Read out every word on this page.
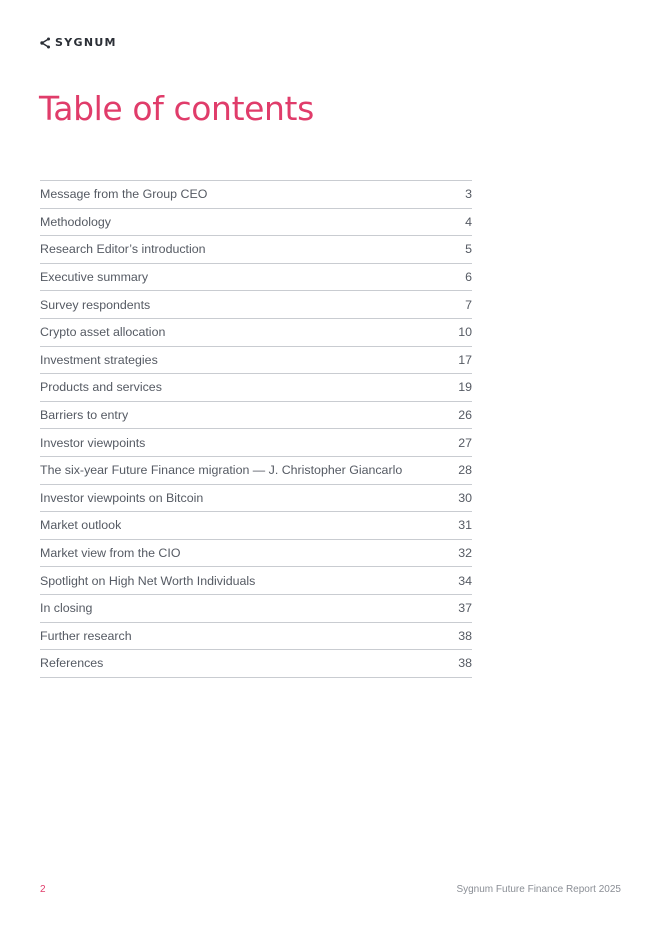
SYGNUM
Table of contents
Message from the Group CEO	3
Methodology	4
Research Editor’s introduction	5
Executive summary	6
Survey respondents	7
Crypto asset allocation	10
Investment strategies	17
Products and services	19
Barriers to entry	26
Investor viewpoints	27
The six-year Future Finance migration — J. Christopher Giancarlo	28
Investor viewpoints on Bitcoin	30
Market outlook	31
Market view from the CIO	32
Spotlight on High Net Worth Individuals	34
In closing	37
Further research	38
References	38
2	Sygnum Future Finance Report 2025
